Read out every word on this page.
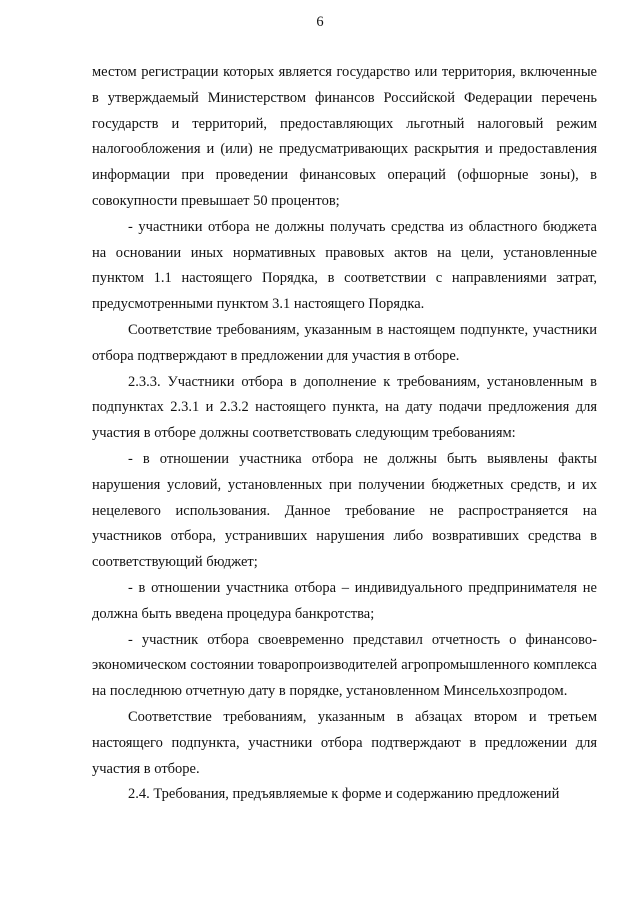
6

местом регистрации которых является государство или территория, включенные в утверждаемый Министерством финансов Российской Федерации перечень государств и территорий, предоставляющих льготный налоговый режим налогообложения и (или) не предусматривающих раскрытия и предоставления информации при проведении финансовых операций (офшорные зоны), в совокупности превышает 50 процентов;

- участники отбора не должны получать средства из областного бюджета на основании иных нормативных правовых актов на цели, установленные пунктом 1.1 настоящего Порядка, в соответствии с направлениями затрат, предусмотренными пунктом 3.1 настоящего Порядка.

Соответствие требованиям, указанным в настоящем подпункте, участники отбора подтверждают в предложении для участия в отборе.

2.3.3. Участники отбора в дополнение к требованиям, установленным в подпунктах 2.3.1 и 2.3.2 настоящего пункта, на дату подачи предложения для участия в отборе должны соответствовать следующим требованиям:

- в отношении участника отбора не должны быть выявлены факты нарушения условий, установленных при получении бюджетных средств, и их нецелевого использования. Данное требование не распространяется на участников отбора, устранивших нарушения либо возвративших средства в соответствующий бюджет;

- в отношении участника отбора – индивидуального предпринимателя не должна быть введена процедура банкротства;

- участник отбора своевременно представил отчетность о финансово-экономическом состоянии товаропроизводителей агропромышленного комплекса на последнюю отчетную дату в порядке, установленном Минсельхозпродом.

Соответствие требованиям, указанным в абзацах втором и третьем настоящего подпункта, участники отбора подтверждают в предложении для участия в отборе.

2.4. Требования, предъявляемые к форме и содержанию предложений
